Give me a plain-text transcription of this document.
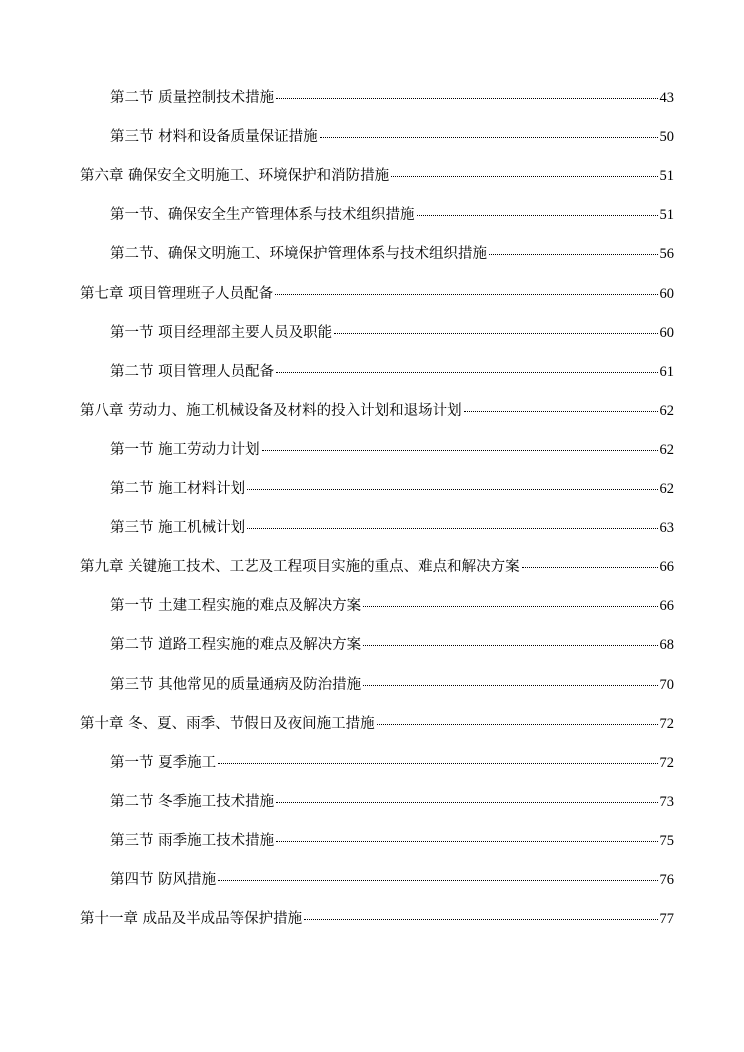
第二节 质量控制技术措施	43
第三节 材料和设备质量保证措施	50
第六章 确保安全文明施工、环境保护和消防措施	51
第一节、确保安全生产管理体系与技术组织措施	51
第二节、确保文明施工、环境保护管理体系与技术组织措施	56
第七章 项目管理班子人员配备	60
第一节 项目经理部主要人员及职能	60
第二节 项目管理人员配备	61
第八章 劳动力、施工机械设备及材料的投入计划和退场计划	62
第一节 施工劳动力计划	62
第二节 施工材料计划	62
第三节 施工机械计划	63
第九章 关键施工技术、工艺及工程项目实施的重点、难点和解决方案	66
第一节 土建工程实施的难点及解决方案	66
第二节 道路工程实施的难点及解决方案	68
第三节 其他常见的质量通病及防治措施	70
第十章 冬、夏、雨季、节假日及夜间施工措施	72
第一节 夏季施工	72
第二节 冬季施工技术措施	73
第三节 雨季施工技术措施	75
第四节 防风措施	76
第十一章 成品及半成品等保护措施	77
